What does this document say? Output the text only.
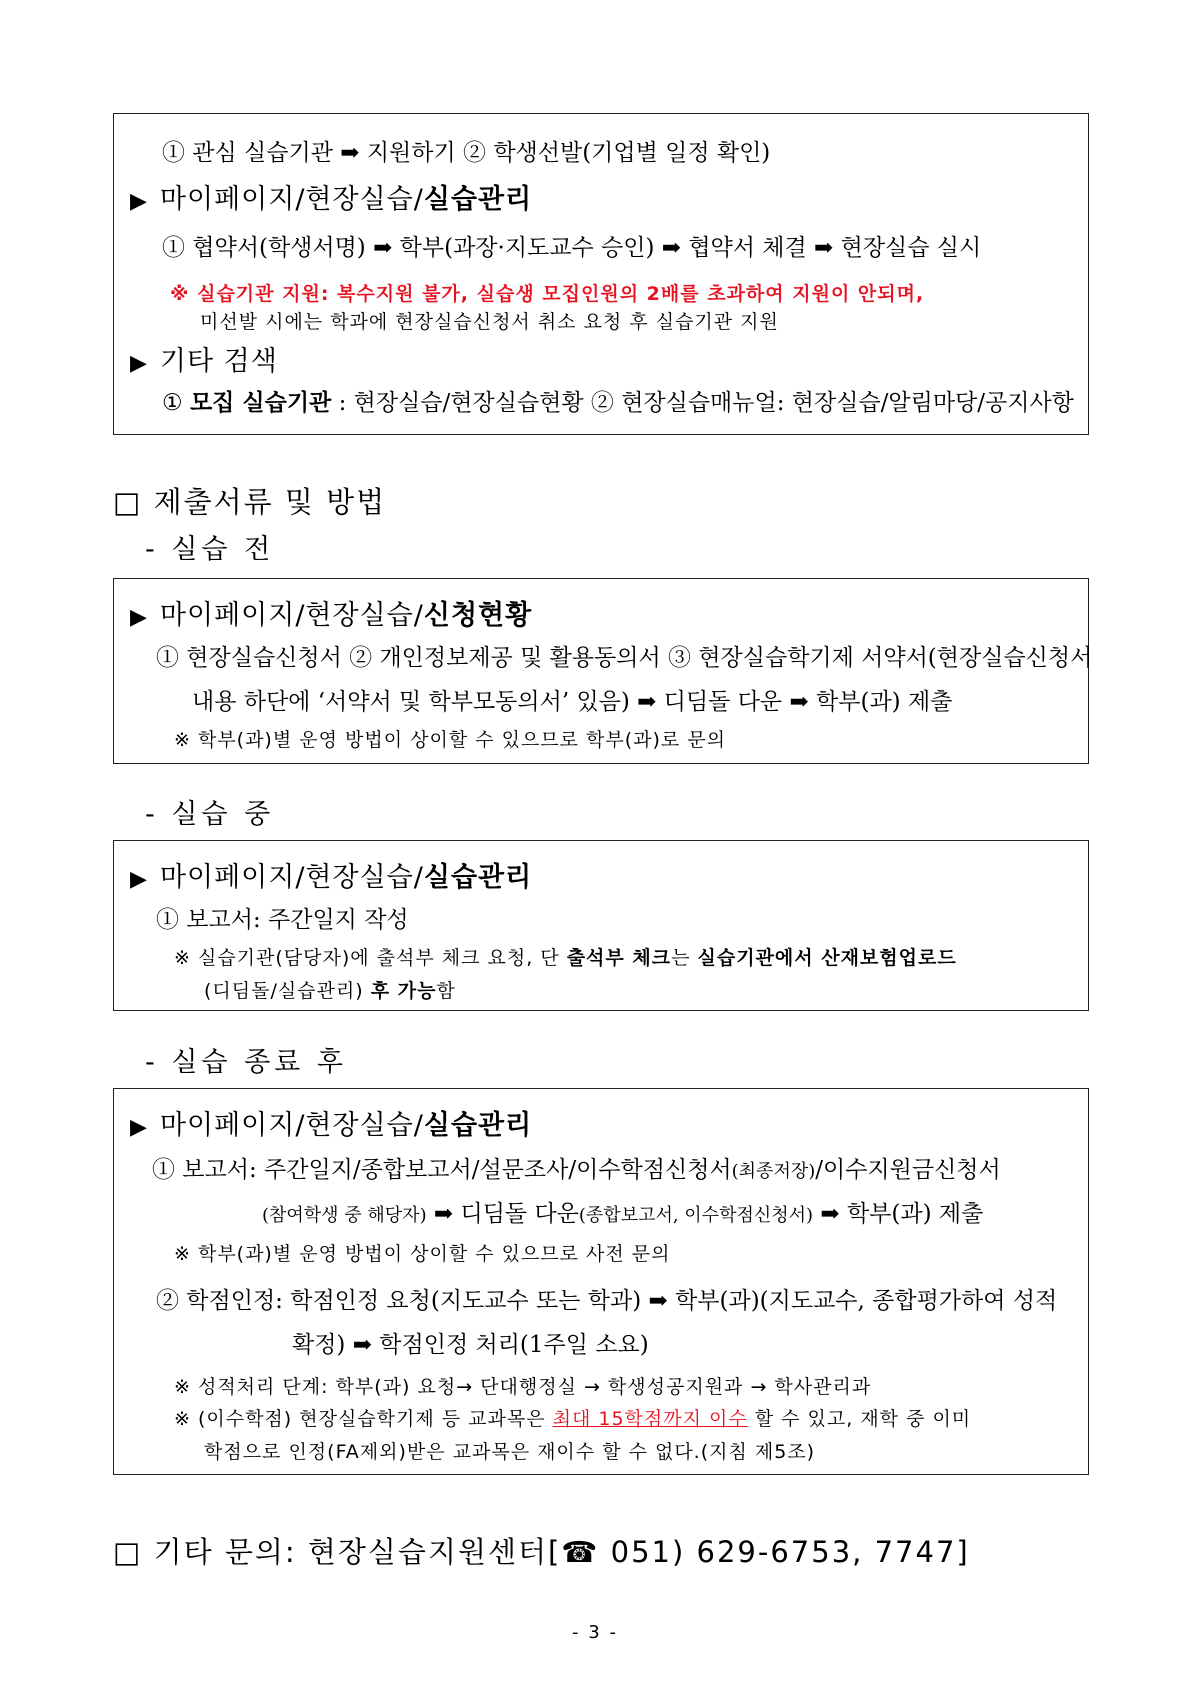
① 관심 실습기관 ➡ 지원하기 ② 학생선발(기업별 일정 확인)
▶ 마이페이지/현장실습/실습관리
① 협약서(학생서명) ➡ 학부(과장·지도교수 승인) ➡ 협약서 체결 ➡ 현장실습 실시
※ 실습기관 지원: 복수지원 불가, 실습생 모집인원의 2배를 초과하여 지원이 안되며,
미선발 시에는 학과에 현장실습신청서 취소 요청 후 실습기관 지원
▶ 기타 검색
① 모집 실습기관 : 현장실습/현장실습현황 ② 현장실습매뉴얼: 현장실습/알림마당/공지사항
□ 제출서류 및 방법
- 실습 전
▶ 마이페이지/현장실습/신청현황
① 현장실습신청서 ② 개인정보제공 및 활용동의서 ③ 현장실습학기제 서약서(현장실습신청서
내용 하단에 ‘서약서 및 학부모동의서’ 있음) ➡ 디딤돌 다운 ➡ 학부(과) 제출
※ 학부(과)별 운영 방법이 상이할 수 있으므로 학부(과)로 문의
- 실습 중
▶ 마이페이지/현장실습/실습관리
① 보고서: 주간일지 작성
※ 실습기관(담당자)에 출석부 체크 요청, 단 출석부 체크는 실습기관에서 산재보험업로드
(디딤돌/실습관리) 후 가능함
- 실습 종료 후
▶ 마이페이지/현장실습/실습관리
① 보고서: 주간일지/종합보고서/설문조사/이수학점신청서(최종저장)/이수지원금신청서
(참여학생 중 해당자) ➡ 디딤돌 다운(종합보고서, 이수학점신청서) ➡ 학부(과) 제출
※ 학부(과)별 운영 방법이 상이할 수 있으므로 사전 문의
② 학점인정: 학점인정 요청(지도교수 또는 학과) ➡ 학부(과)(지도교수, 종합평가하여 성적
확정) ➡ 학점인정 처리(1주일 소요)
※ 성적처리 단계: 학부(과) 요청→ 단대행정실 → 학생성공지원과 → 학사관리과
※ (이수학점) 현장실습학기제 등 교과목은 최대 15학점까지 이수 할 수 있고, 재학 중 이미
학점으로 인정(FA제외)받은 교과목은 재이수 할 수 없다.(지침 제5조)
□ 기타 문의: 현장실습지원센터[☎ 051) 629-6753, 7747]
- 3 -
